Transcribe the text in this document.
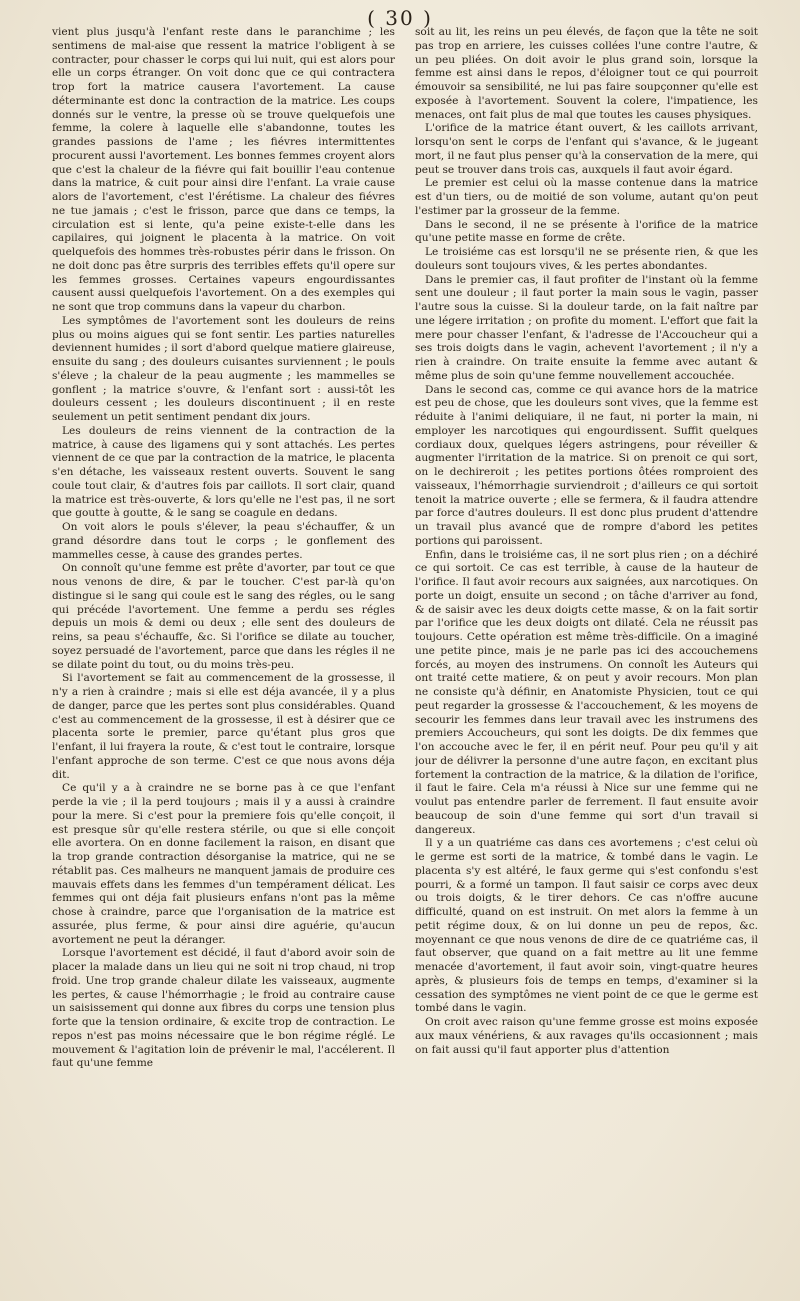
( 30 )

vient plus jusqu'à l'enfant reste dans le paranchime ; les sentimens de mal-aise que ressent la matrice l'obligent à se contracter, pour chasser le corps qui lui nuit, qui est alors pour elle un corps étranger. On voit donc que ce qui contractera trop fort la matrice causera l'avortement. La cause déterminante est donc la contraction de la matrice. Les coups donnés sur le ventre, la presse où se trouve quelquefois une femme, la colere à laquelle elle s'abandonne, toutes les grandes passions de l'ame ; les fiévres intermittentes procurent aussi l'avortement. Les bonnes femmes croyent alors que c'est la chaleur de la fiévre qui fait bouillir l'eau contenue dans la matrice, & cuit pour ainsi dire l'enfant. La vraie cause alors de l'avortement, c'est l'érétisme. La chaleur des fiévres ne tue jamais ; c'est le frisson, parce que dans ce temps, la circulation est si lente, qu'a peine existe-t-elle dans les capilaires, qui joignent le placenta à la matrice. On voit quelquefois des hommes très-robustes périr dans le frisson. On ne doit donc pas être surpris des terribles effets qu'il opere sur les femmes grosses. Certaines vapeurs engourdissantes causent aussi quelquefois l'avortement. On a des exemples qui ne sont que trop communs dans la vapeur du charbon.

Les symptômes de l'avortement sont les douleurs de reins plus ou moins aigues qui se font sentir. Les parties naturelles deviennent humides ; il sort d'abord quelque matiere glaireuse, ensuite du sang ; des douleurs cuisantes surviennent ; le pouls s'éleve ; la chaleur de la peau augmente ; les mammelles se gonflent ; la matrice s'ouvre, & l'enfant sort : aussi-tôt les douleurs cessent ; les douleurs discontinuent ; il en reste seulement un petit sentiment pendant dix jours.

Les douleurs de reins viennent de la contraction de la matrice, à cause des ligamens qui y sont attachés. Les pertes viennent de ce que par la contraction de la matrice, le placenta s'en détache, les vaisseaux restent ouverts. Souvent le sang coule tout clair, & d'autres fois par caillots. Il sort clair, quand la matrice est très-ouverte, & lors qu'elle ne l'est pas, il ne sort que goutte à goutte, & le sang se coagule en dedans.

On voit alors le pouls s'élever, la peau s'échauffer, & un grand désordre dans tout le corps ; le gonflement des mammelles cesse, à cause des grandes pertes.

On connoît qu'une femme est prête d'avorter, par tout ce que nous venons de dire, & par le toucher. C'est par-là qu'on distingue si le sang qui coule est le sang des régles, ou le sang qui précéde l'avortement. Une femme a perdu ses régles depuis un mois & demi ou deux ; elle sent des douleurs de reins, sa peau s'échauffe, &c. Si l'orifice se dilate au toucher, soyez persuadé de l'avortement, parce que dans les régles il ne se dilate point du tout, ou du moins très-peu.

Si l'avortement se fait au commencement de la grossesse, il n'y a rien à craindre ; mais si elle est déja avancée, il y a plus de danger, parce que les pertes sont plus considérables. Quand c'est au commencement de la grossesse, il est à désirer que ce placenta sorte le premier, parce qu'étant plus gros que l'enfant, il lui frayera la route, & c'est tout le contraire, lorsque l'enfant approche de son terme. C'est ce que nous avons déja dit.

Ce qu'il y a à craindre ne se borne pas à ce que l'enfant perde la vie ; il la perd toujours ; mais il y a aussi à craindre pour la mere. Si c'est pour la premiere fois qu'elle conçoit, il est presque sûr qu'elle restera stérile, ou que si elle conçoit elle avortera. On en donne facilement la raison, en disant que la trop grande contraction désorganise la matrice, qui ne se rétablit pas. Ces malheurs ne manquent jamais de produire ces mauvais effets dans les femmes d'un tempérament délicat. Les femmes qui ont déja fait plusieurs enfans n'ont pas la même chose à craindre, parce que l'organisation de la matrice est assurée, plus ferme, & pour ainsi dire aguérie, qu'aucun avortement ne peut la déranger.

Lorsque l'avortement est décidé, il faut d'abord avoir soin de placer la malade dans un lieu qui ne soit ni trop chaud, ni trop froid. Une trop grande chaleur dilate les vaisseaux, augmente les pertes, & cause l'hémorrhagie ; le froid au contraire cause un saisissement qui donne aux fibres du corps une tension plus forte que la tension ordinaire, & excite trop de contraction. Le repos n'est pas moins nécessaire que le bon régime réglé. Le mouvement & l'agitation loin de prévenir le mal, l'accélerent. Il faut qu'une femme

soit au lit, les reins un peu élevés, de façon que la tête ne soit pas trop en arriere, les cuisses collées l'une contre l'autre, & un peu pliées. On doit avoir le plus grand soin, lorsque la femme est ainsi dans le repos, d'éloigner tout ce qui pourroit émouvoir sa sensibilité, ne lui pas faire soupçonner qu'elle est exposée à l'avortement. Souvent la colere, l'impatience, les menaces, ont fait plus de mal que toutes les causes physiques.

L'orifice de la matrice étant ouvert, & les caillots arrivant, lorsqu'on sent le corps de l'enfant qui s'avance, & le jugeant mort, il ne faut plus penser qu'à la conservation de la mere, qui peut se trouver dans trois cas, auxquels il faut avoir égard.

Le premier est celui où la masse contenue dans la matrice est d'un tiers, ou de moitié de son volume, autant qu'on peut l'estimer par la grosseur de la femme.

Dans le second, il ne se présente à l'orifice de la matrice qu'une petite masse en forme de crête.

Le troisiéme cas est lorsqu'il ne se présente rien, & que les douleurs sont toujours vives, & les pertes abondantes.

Dans le premier cas, il faut profiter de l'instant où la femme sent une douleur ; il faut porter la main sous le vagin, passer l'autre sous la cuisse. Si la douleur tarde, on la fait naître par une légere irritation ; on profite du moment. L'effort que fait la mere pour chasser l'enfant, & l'adresse de l'Accoucheur qui a ses trois doigts dans le vagin, achevent l'avortement ; il n'y a rien à craindre. On traite ensuite la femme avec autant & même plus de soin qu'une femme nouvellement accouchée.

Dans le second cas, comme ce qui avance hors de la matrice est peu de chose, que les douleurs sont vives, que la femme est réduite à l'animi deliquiare, il ne faut, ni porter la main, ni employer les narcotiques qui engourdissent. Suffit quelques cordiaux doux, quelques légers astringens, pour réveiller & augmenter l'irritation de la matrice. Si on prenoit ce qui sort, on le dechireroit ; les petites portions ôtées romproient des vaisseaux, l'hémorrhagie surviendroit ; d'ailleurs ce qui sortoit tenoit la matrice ouverte ; elle se fermera, & il faudra attendre par force d'autres douleurs. Il est donc plus prudent d'attendre un travail plus avancé que de rompre d'abord les petites portions qui paroissent.

Enfin, dans le troisiéme cas, il ne sort plus rien ; on a déchiré ce qui sortoit. Ce cas est terrible, à cause de la hauteur de l'orifice. Il faut avoir recours aux saignées, aux narcotiques. On porte un doigt, ensuite un second ; on tâche d'arriver au fond, & de saisir avec les deux doigts cette masse, & on la fait sortir par l'orifice que les deux doigts ont dilaté. Cela ne réussit pas toujours. Cette opération est même très-difficile. On a imaginé une petite pince, mais je ne parle pas ici des accouchemens forcés, au moyen des instrumens. On connoît les Auteurs qui ont traité cette matiere, & on peut y avoir recours. Mon plan ne consiste qu'à définir, en Anatomiste Physicien, tout ce qui peut regarder la grossesse & l'accouchement, & les moyens de secourir les femmes dans leur travail avec les instrumens des premiers Accoucheurs, qui sont les doigts. De dix femmes que l'on accouche avec le fer, il en périt neuf. Pour peu qu'il y ait jour de délivrer la personne d'une autre façon, en excitant plus fortement la contraction de la matrice, & la dilation de l'orifice, il faut le faire. Cela m'a réussi à Nice sur une femme qui ne voulut pas entendre parler de ferrement. Il faut ensuite avoir beaucoup de soin d'une femme qui sort d'un travail si dangereux.

Il y a un quatriéme cas dans ces avortemens ; c'est celui où le germe est sorti de la matrice, & tombé dans le vagin. Le placenta s'y est altéré, le faux germe qui s'est confondu s'est pourri, & a formé un tampon. Il faut saisir ce corps avec deux ou trois doigts, & le tirer dehors. Ce cas n'offre aucune difficulté, quand on est instruit. On met alors la femme à un petit régime doux, & on lui donne un peu de repos, &c. moyennant ce que nous venons de dire de ce quatriéme cas, il faut observer, que quand on a fait mettre au lit une femme menacée d'avortement, il faut avoir soin, vingt-quatre heures après, & plusieurs fois de temps en temps, d'examiner si la cessation des symptômes ne vient point de ce que le germe est tombé dans le vagin.

On croit avec raison qu'une femme grosse est moins exposée aux maux vénériens, & aux ravages qu'ils occasionnent ; mais on fait aussi qu'il faut apporter plus d'attention
